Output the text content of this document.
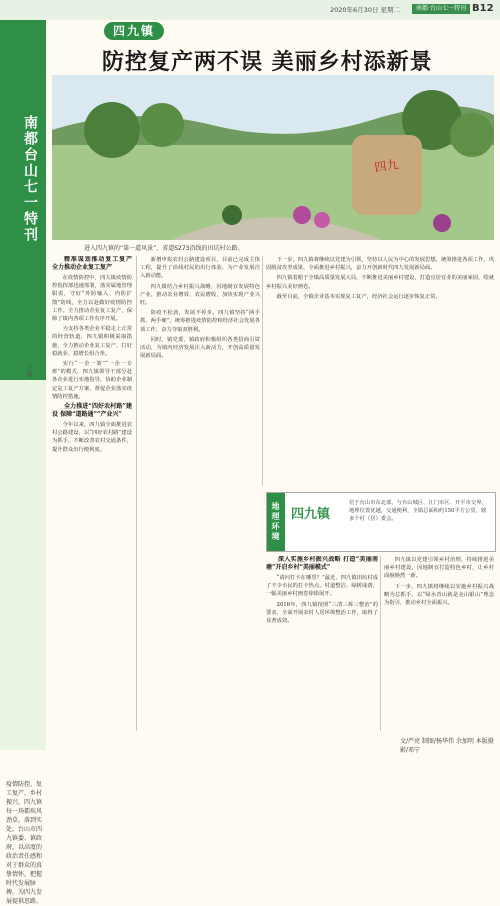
2020年6月30日 星期二	南都·台山七一特刊 B12
南都台山七一特刊
跨越
专题
疫情防控、复工复产，乡村振兴，四九镇每一场都疾风劲草，落到实处，台山市四九镇委、镇政府，以高度的政治责任感和对于群众的真挚情怀，把握时代发展脉搏，为四九发展提供思路。
四九镇
防控复产两不误 美丽乡村添新景
四九
进入四九镇的“第一道风景”，省道S273沿线的田坑村公路。

精准谋划推动复工复产 全力推动企业复工复产

在疫情防控中，四九镇疫情防控指挥部迅速部署，落实属地管理职责，守好“外防输入、内防扩散”防线，全力以赴做好疫情防控工作。全力推动企业复工复产，保障了镇内各项工作有序开展。

为支持各类企业平稳走上正常的经营轨道，四九镇积极采取措施，全力推动企业复工复产，打好稳就业、稳增长组合拳。

实行“一企一策”“一企一专班”的模式，四九镇领导干部分赴各企业进行实地指导，协助企业制定复工复产方案，督促企业落实疫情防控措施。

全力推进“四好农村路”建设 保障“道路通”“产业兴”

今年以来，四九镇全面推进农村公路建设，以“四好农村路”建设为抓手，不断改善农村交通条件，提升群众出行便利度。

新增申报农村公路建设项目，目前已完成主体工程，提升了沿线村民的出行体验，为产业发展注入新动能。

四九镇结合乡村振兴战略，因地制宜发展特色产业，推动农业增效、农民增收，加快实现产业兴旺。

防疫不松劲，发展不停步。四九镇坚持“两手抓、两手硬”，统筹推进疫情防控和经济社会发展各项工作，奋力夺取双胜利。

同时，镇党委、镇政府积极组织各类招商引资活动，为镇内经济发展注入新活力，开创高质量发展新局面。

下一步，四九镇将继续以党建为引领，坚持以人民为中心的发展思想，统筹推进各项工作，巩固脱贫攻坚成果，全面推进乡村振兴，奋力开创新时代四九发展新局面。

四九镇着眼于全镇高质量发展大局，不断推进美丽乡村建设，打造宜居宜业的美丽家园，绘就乡村振兴美好画卷。

截至目前，全镇企业基本实现复工复产，经济社会运行逐步恢复正常。

地理环境 四九镇
位于台山市东北部，与台山城区、江门市区、开平市交界，地理位置优越，交通便利，全镇总面积约150平方公里，辖多个村（居）委会。

深入实施乡村振兴战略 打造“美丽南塘”开启乡村“美丽模式”

“请问打卡在哪里？”最近，四九镇田坑村成了不少市民的打卡热点。村道整洁、绿树成荫，一幅美丽乡村画卷徐徐展开。

2016年，四九镇按照“三清三拆三整治”的要求，全面开展农村人居环境整治工作，取得了显著成效。

四九镇以党建引领乡村治理，持续推进美丽乡村建设，因地制宜打造特色乡村，让乡村面貌焕然一新。

下一步，四九镇将继续以实施乡村振兴战略为总抓手，以“绿水青山就是金山银山”理念为指引，推动乡村全面振兴。

文/严亮 制图/杨华伟 余加明 本版摄影/邓宁
